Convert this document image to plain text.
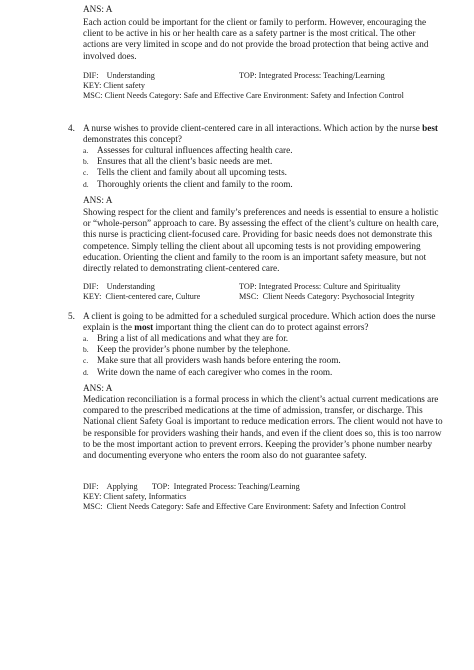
ANS: A

Each action could be important for the client or family to perform. However, encouraging the client to be active in his or her health care as a safety partner is the most critical. The other actions are very limited in scope and do not provide the broad protection that being active and involved does.

DIF:    Understanding	TOP: Integrated Process: Teaching/Learning
KEY: Client safety
MSC: Client Needs Category: Safe and Effective Care Environment: Safety and Infection Control
4. A nurse wishes to provide client-centered care in all interactions. Which action by the nurse best demonstrates this concept?
a. Assesses for cultural influences affecting health care.
b. Ensures that all the client’s basic needs are met.
c. Tells the client and family about all upcoming tests.
d. Thoroughly orients the client and family to the room.
ANS: A

Showing respect for the client and family’s preferences and needs is essential to ensure a holistic or “whole-person” approach to care. By assessing the effect of the client’s culture on health care, this nurse is practicing client-focused care. Providing for basic needs does not demonstrate this competence. Simply telling the client about all upcoming tests is not providing empowering education. Orienting the client and family to the room is an important safety measure, but not directly related to demonstrating client-centered care.

DIF:    Understanding	TOP: Integrated Process: Culture and Spirituality
KEY:  Client-centered care, Culture	MSC:  Client Needs Category: Psychosocial Integrity
5. A client is going to be admitted for a scheduled surgical procedure. Which action does the nurse explain is the most important thing the client can do to protect against errors?
a. Bring a list of all medications and what they are for.
b. Keep the provider’s phone number by the telephone.
c. Make sure that all providers wash hands before entering the room.
d. Write down the name of each caregiver who comes in the room.
ANS: A

Medication reconciliation is a formal process in which the client’s actual current medications are compared to the prescribed medications at the time of admission, transfer, or discharge. This National client Safety Goal is important to reduce medication errors. The client would not have to be responsible for providers washing their hands, and even if the client does so, this is too narrow to be the most important action to prevent errors. Keeping the provider’s phone number nearby and documenting everyone who enters the room also do not guarantee safety.

DIF:    Applying       TOP:  Integrated Process: Teaching/Learning
KEY: Client safety, Informatics
MSC:  Client Needs Category: Safe and Effective Care Environment: Safety and Infection Control
